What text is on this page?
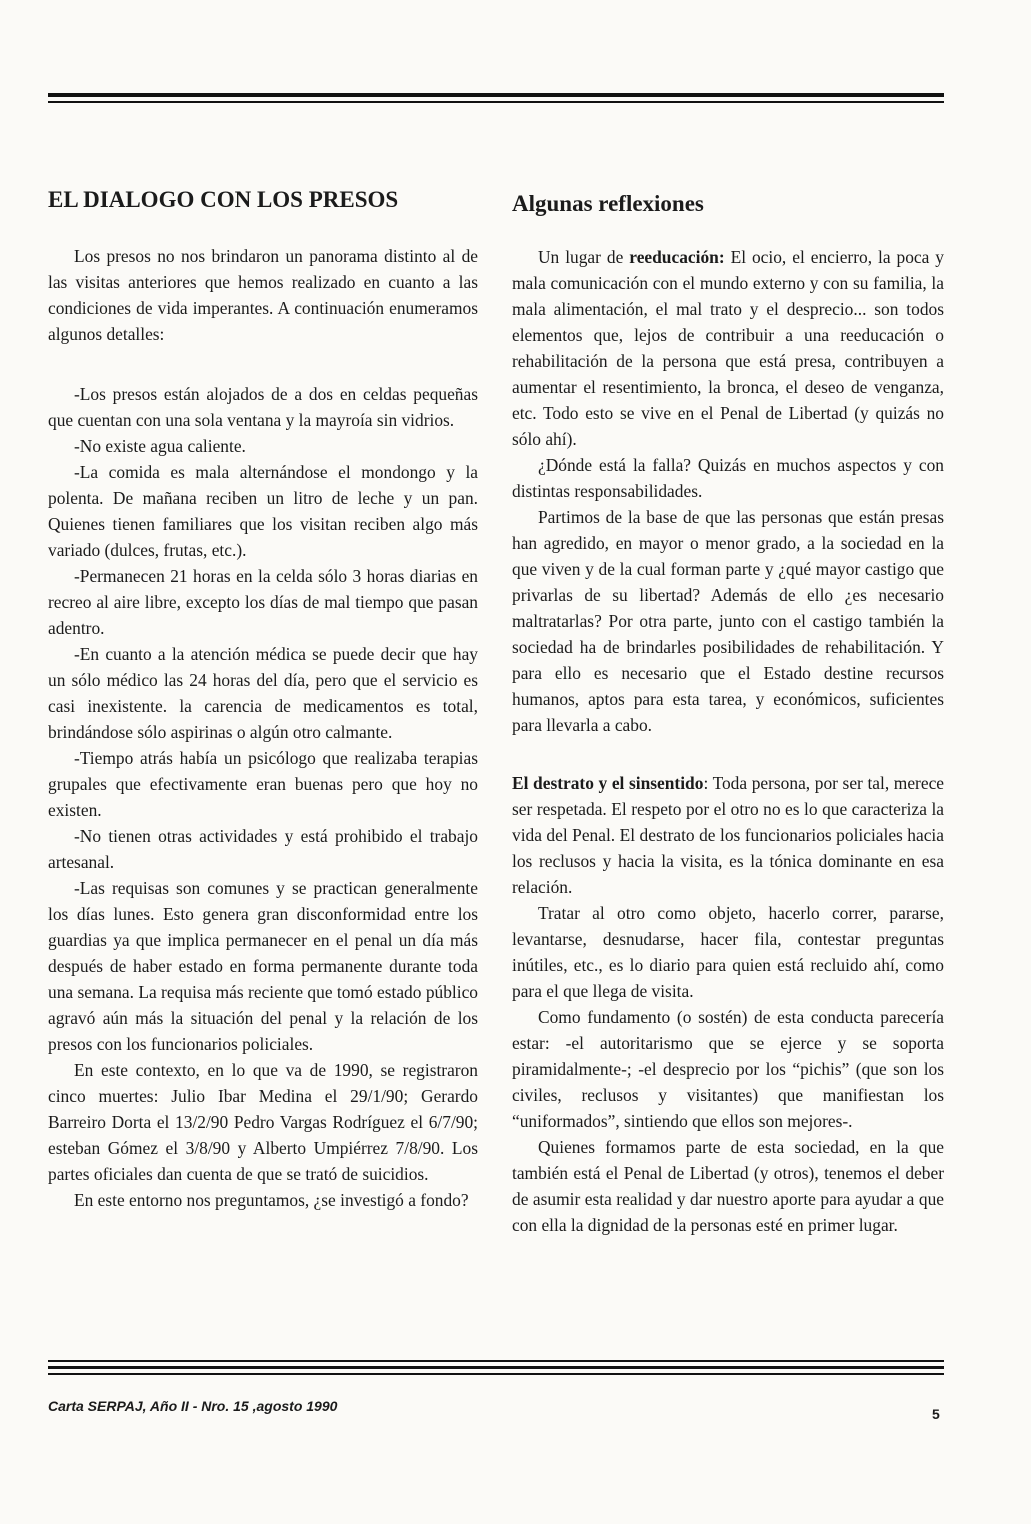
EL DIALOGO CON LOS PRESOS

Los presos no nos brindaron un panorama distinto al de las visitas anteriores que hemos realizado en cuanto a las condiciones de vida imperantes. A continuación enumeramos algunos detalles:

-Los presos están alojados de a dos en celdas pequeñas que cuentan con una sola ventana y la mayroía sin vidrios.

-No existe agua caliente.

-La comida es mala alternándose el mondongo y la polenta. De mañana reciben un litro de leche y un pan. Quienes tienen familiares que los visitan reciben algo más variado (dulces, frutas, etc.).

-Permanecen 21 horas en la celda sólo 3 horas diarias en recreo al aire libre, excepto los días de mal tiempo que pasan adentro.

-En cuanto a la atención médica se puede decir que hay un sólo médico las 24 horas del día, pero que el servicio es casi inexistente. la carencia de medicamentos es total, brindándose sólo aspirinas o algún otro calmante.

-Tiempo atrás había un psicólogo que realizaba terapias grupales que efectivamente eran buenas pero que hoy no existen.

-No tienen otras actividades y está prohibido el trabajo artesanal.

-Las requisas son comunes y se practican generalmente los días lunes. Esto genera gran disconformidad entre los guardias ya que implica permanecer en el penal un día más después de haber estado en forma permanente durante toda una semana. La requisa más reciente que tomó estado público agravó aún más la situación del penal y la relación de los presos con los funcionarios policiales.

En este contexto, en lo que va de 1990, se registraron cinco muertes: Julio Ibar Medina el 29/1/90; Gerardo Barreiro Dorta el 13/2/90 Pedro Vargas Rodríguez el 6/7/90; esteban Gómez el 3/8/90 y Alberto Umpiérrez 7/8/90. Los partes oficiales dan cuenta de que se trató de suicidios.

En este entorno nos preguntamos, ¿se investigó a fondo?

Algunas reflexiones

Un lugar de reeducación: El ocio, el encierro, la poca y mala comunicación con el mundo externo y con su familia, la mala alimentación, el mal trato y el desprecio... son todos elementos que, lejos de contribuir a una reeducación o rehabilitación de la persona que está presa, contribuyen a aumentar el resentimiento, la bronca, el deseo de venganza, etc. Todo esto se vive en el Penal de Libertad (y quizás no sólo ahí).

¿Dónde está la falla? Quizás en muchos aspectos y con distintas responsabilidades.

Partimos de la base de que las personas que están presas han agredido, en mayor o menor grado, a la sociedad en la que viven y de la cual forman parte y ¿qué mayor castigo que privarlas de su libertad? Además de ello ¿es necesario maltratarlas? Por otra parte, junto con el castigo también la sociedad ha de brindarles posibilidades de rehabilitación. Y para ello es necesario que el Estado destine recursos humanos, aptos para esta tarea, y económicos, suficientes para llevarla a cabo.

El destrato y el sinsentido: Toda persona, por ser tal, merece ser respetada. El respeto por el otro no es lo que caracteriza la vida del Penal. El destrato de los funcionarios policiales hacia los reclusos y hacia la visita, es la tónica dominante en esa relación.

Tratar al otro como objeto, hacerlo correr, pararse, levantarse, desnudarse, hacer fila, contestar preguntas inútiles, etc., es lo diario para quien está recluido ahí, como para el que llega de visita.

Como fundamento (o sostén) de esta conducta parecería estar: -el autoritarismo que se ejerce y se soporta piramidalmente-; -el desprecio por los “pichis” (que son los civiles, reclusos y visitantes) que manifiestan los “uniformados”, sintiendo que ellos son mejores-.

Quienes formamos parte de esta sociedad, en la que también está el Penal de Libertad (y otros), tenemos el deber de asumir esta realidad y dar nuestro aporte para ayudar a que con ella la dignidad de la personas esté en primer lugar.

Carta SERPAJ, Año II - Nro. 15 ,agosto 1990	5
